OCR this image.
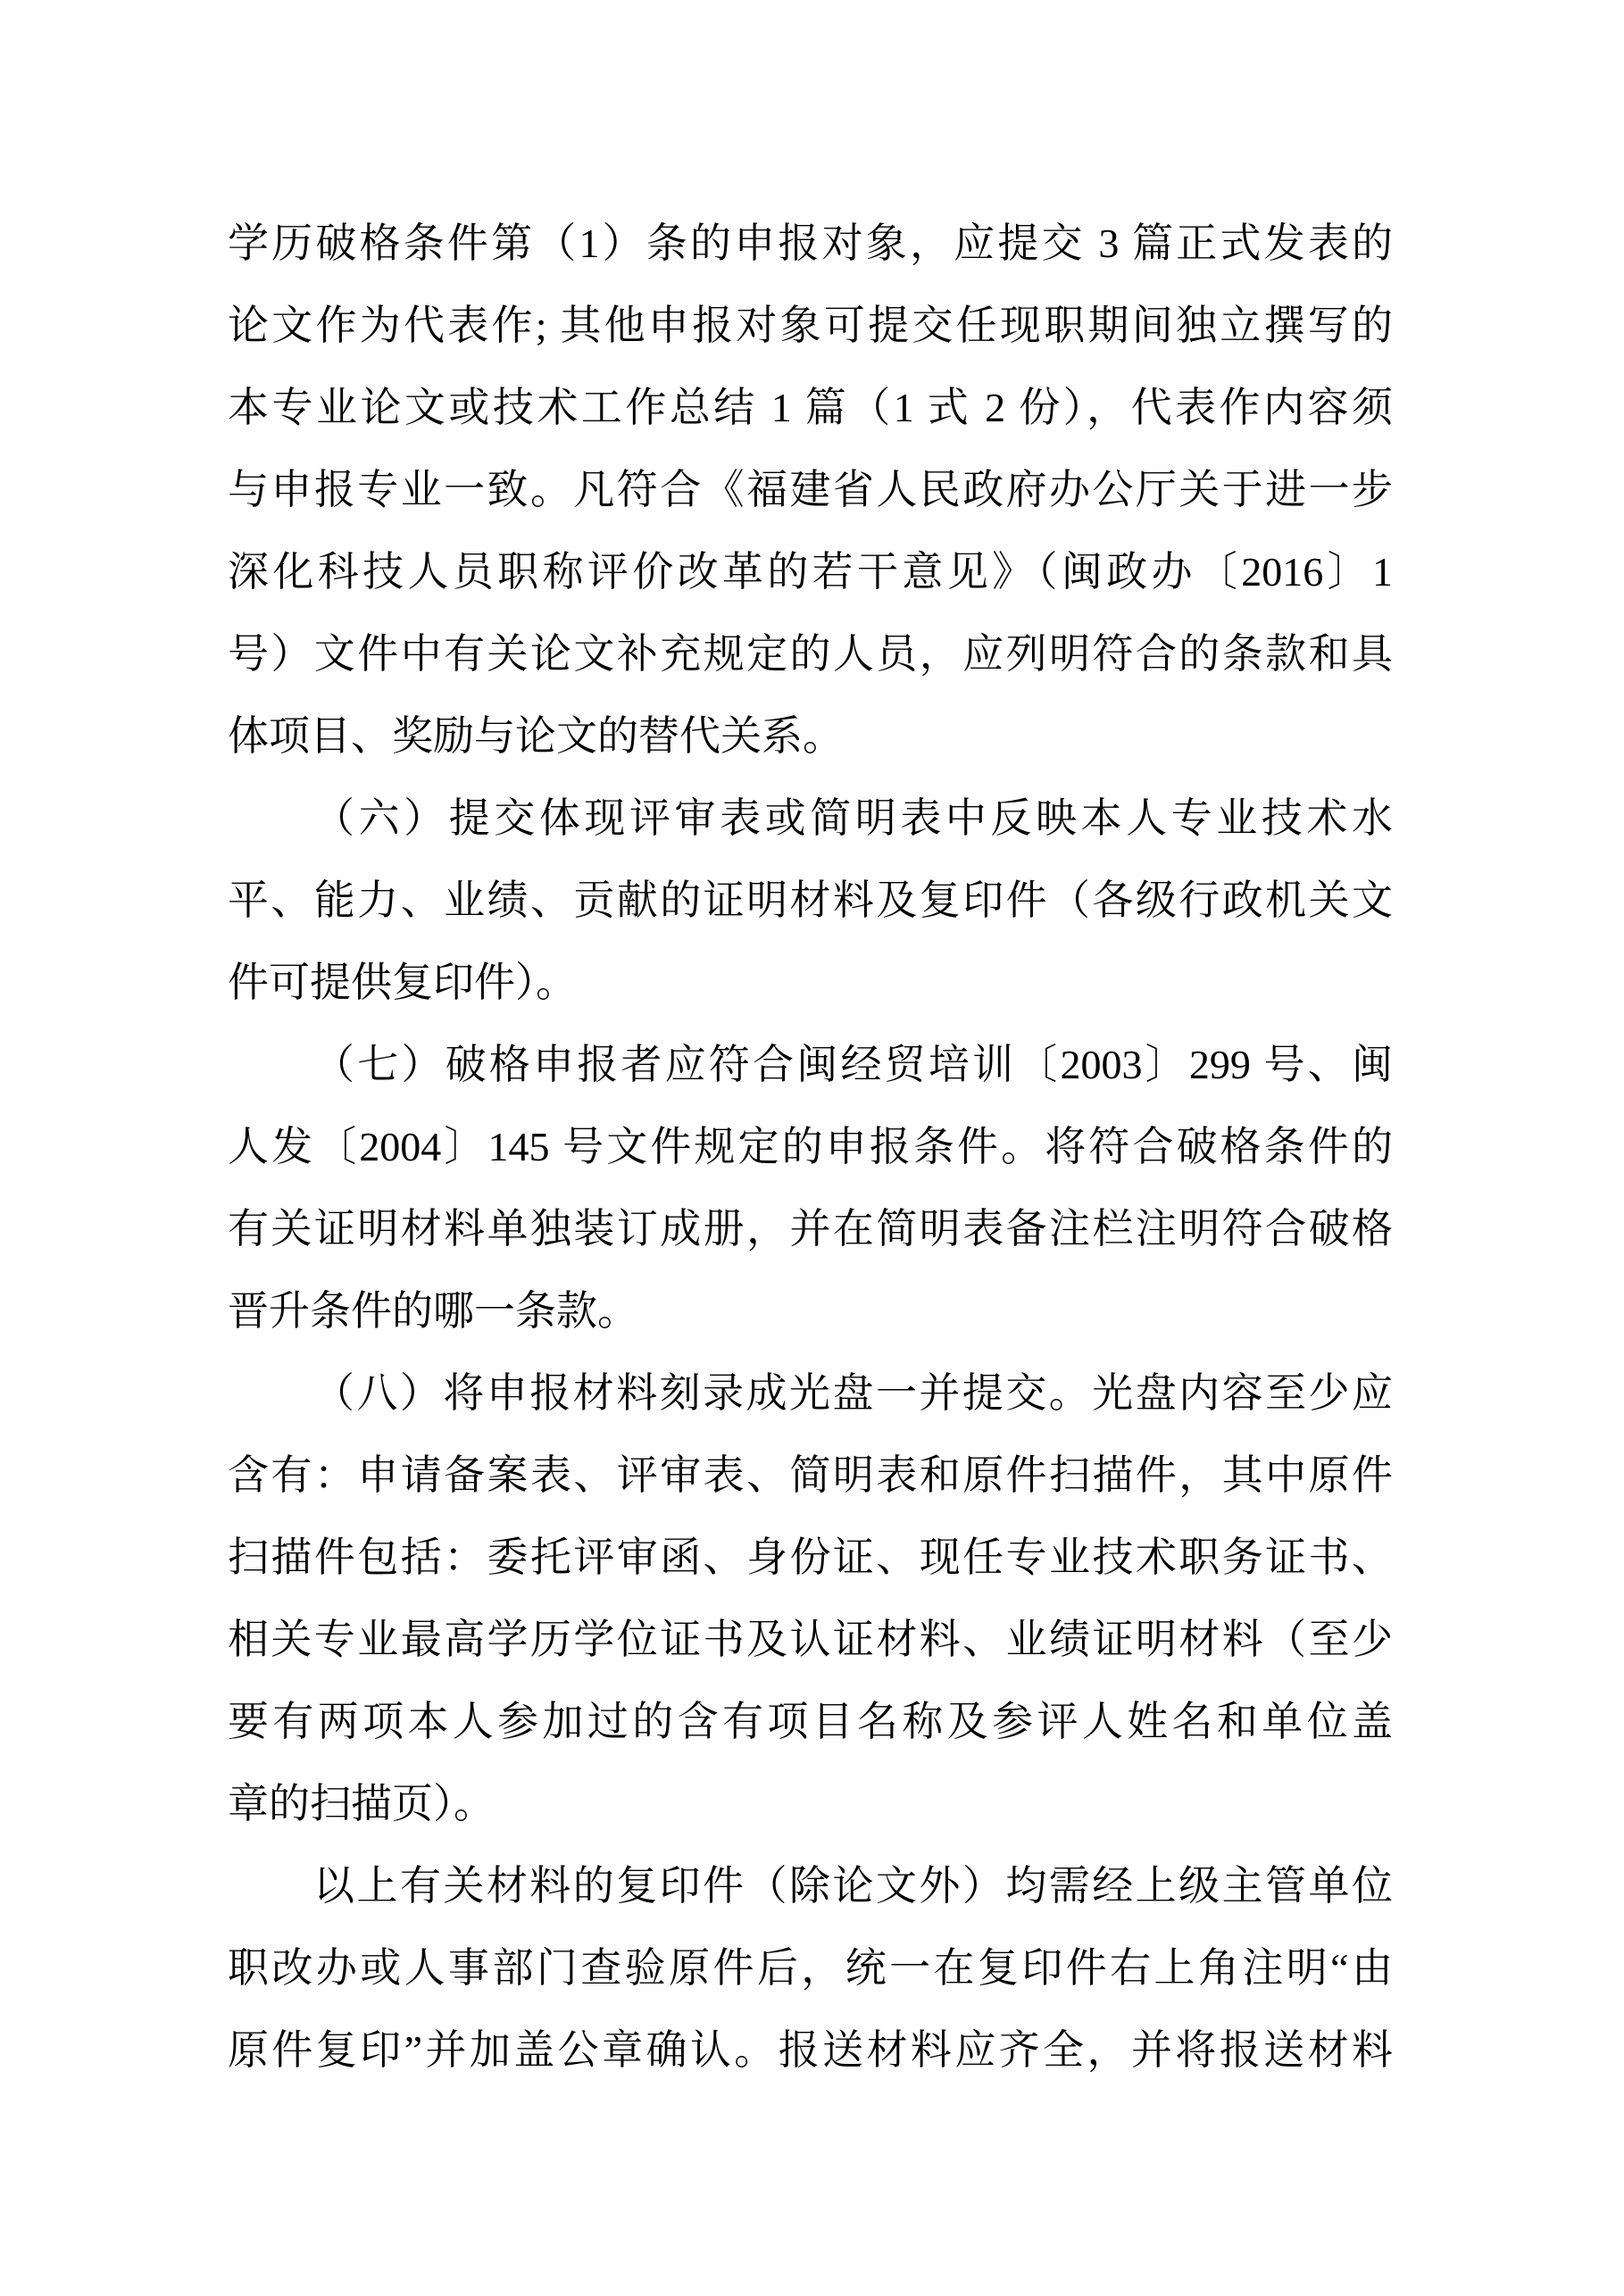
学历破格条件第（1）条的申报对象，应提交 3 篇正式发表的
论文作为代表作; 其他申报对象可提交任现职期间独立撰写的
本专业论文或技术工作总结 1 篇（1 式 2 份），代表作内容须
与申报专业一致。凡符合《福建省人民政府办公厅关于进一步
深化科技人员职称评价改革的若干意见》（闽政办〔2016〕1
号）文件中有关论文补充规定的人员，应列明符合的条款和具
体项目、奖励与论文的替代关系。
（六）提交体现评审表或简明表中反映本人专业技术水
平、能力、业绩、贡献的证明材料及复印件（各级行政机关文
件可提供复印件）。
（七）破格申报者应符合闽经贸培训〔2003〕299 号、闽
人发〔2004〕145 号文件规定的申报条件。将符合破格条件的
有关证明材料单独装订成册，并在简明表备注栏注明符合破格
晋升条件的哪一条款。
（八）将申报材料刻录成光盘一并提交。光盘内容至少应
含有：申请备案表、评审表、简明表和原件扫描件，其中原件
扫描件包括：委托评审函、身份证、现任专业技术职务证书、
相关专业最高学历学位证书及认证材料、业绩证明材料（至少
要有两项本人参加过的含有项目名称及参评人姓名和单位盖
章的扫描页）。
以上有关材料的复印件（除论文外）均需经上级主管单位
职改办或人事部门查验原件后，统一在复印件右上角注明“由
原件复印”并加盖公章确认。报送材料应齐全，并将报送材料
